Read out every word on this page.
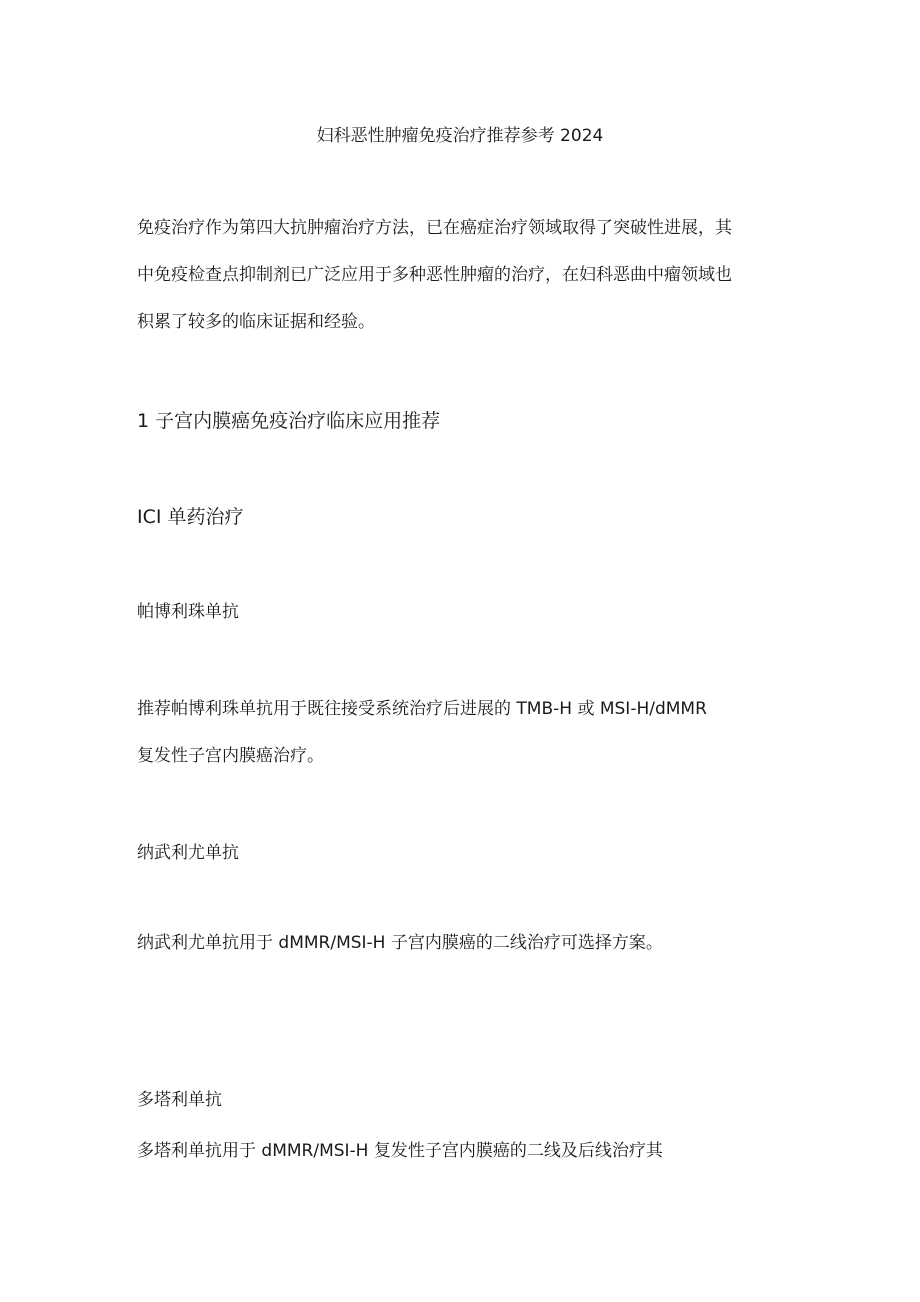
妇科恶性肿瘤免疫治疗推荐参考 2024

免疫治疗作为第四大抗肿瘤治疗方法，已在癌症治疗领域取得了突破性进展，其
中免疫检查点抑制剂已广泛应用于多种恶性肿瘤的治疗，在妇科恶曲中瘤领域也
积累了较多的临床证据和经验。

1 子宫内膜癌免疫治疗临床应用推荐
ICI 单药治疗
帕博利珠单抗

推荐帕博利珠单抗用于既往接受系统治疗后进展的 TMB-H 或 MSI-H/dMMR
复发性子宫内膜癌治疗。

纳武利尤单抗

纳武利尤单抗用于 dMMR/MSI-H 子宫内膜癌的二线治疗可选择方案。

多塔利单抗

多塔利单抗用于 dMMR/MSI-H 复发性子宫内膜癌的二线及后线治疗其
